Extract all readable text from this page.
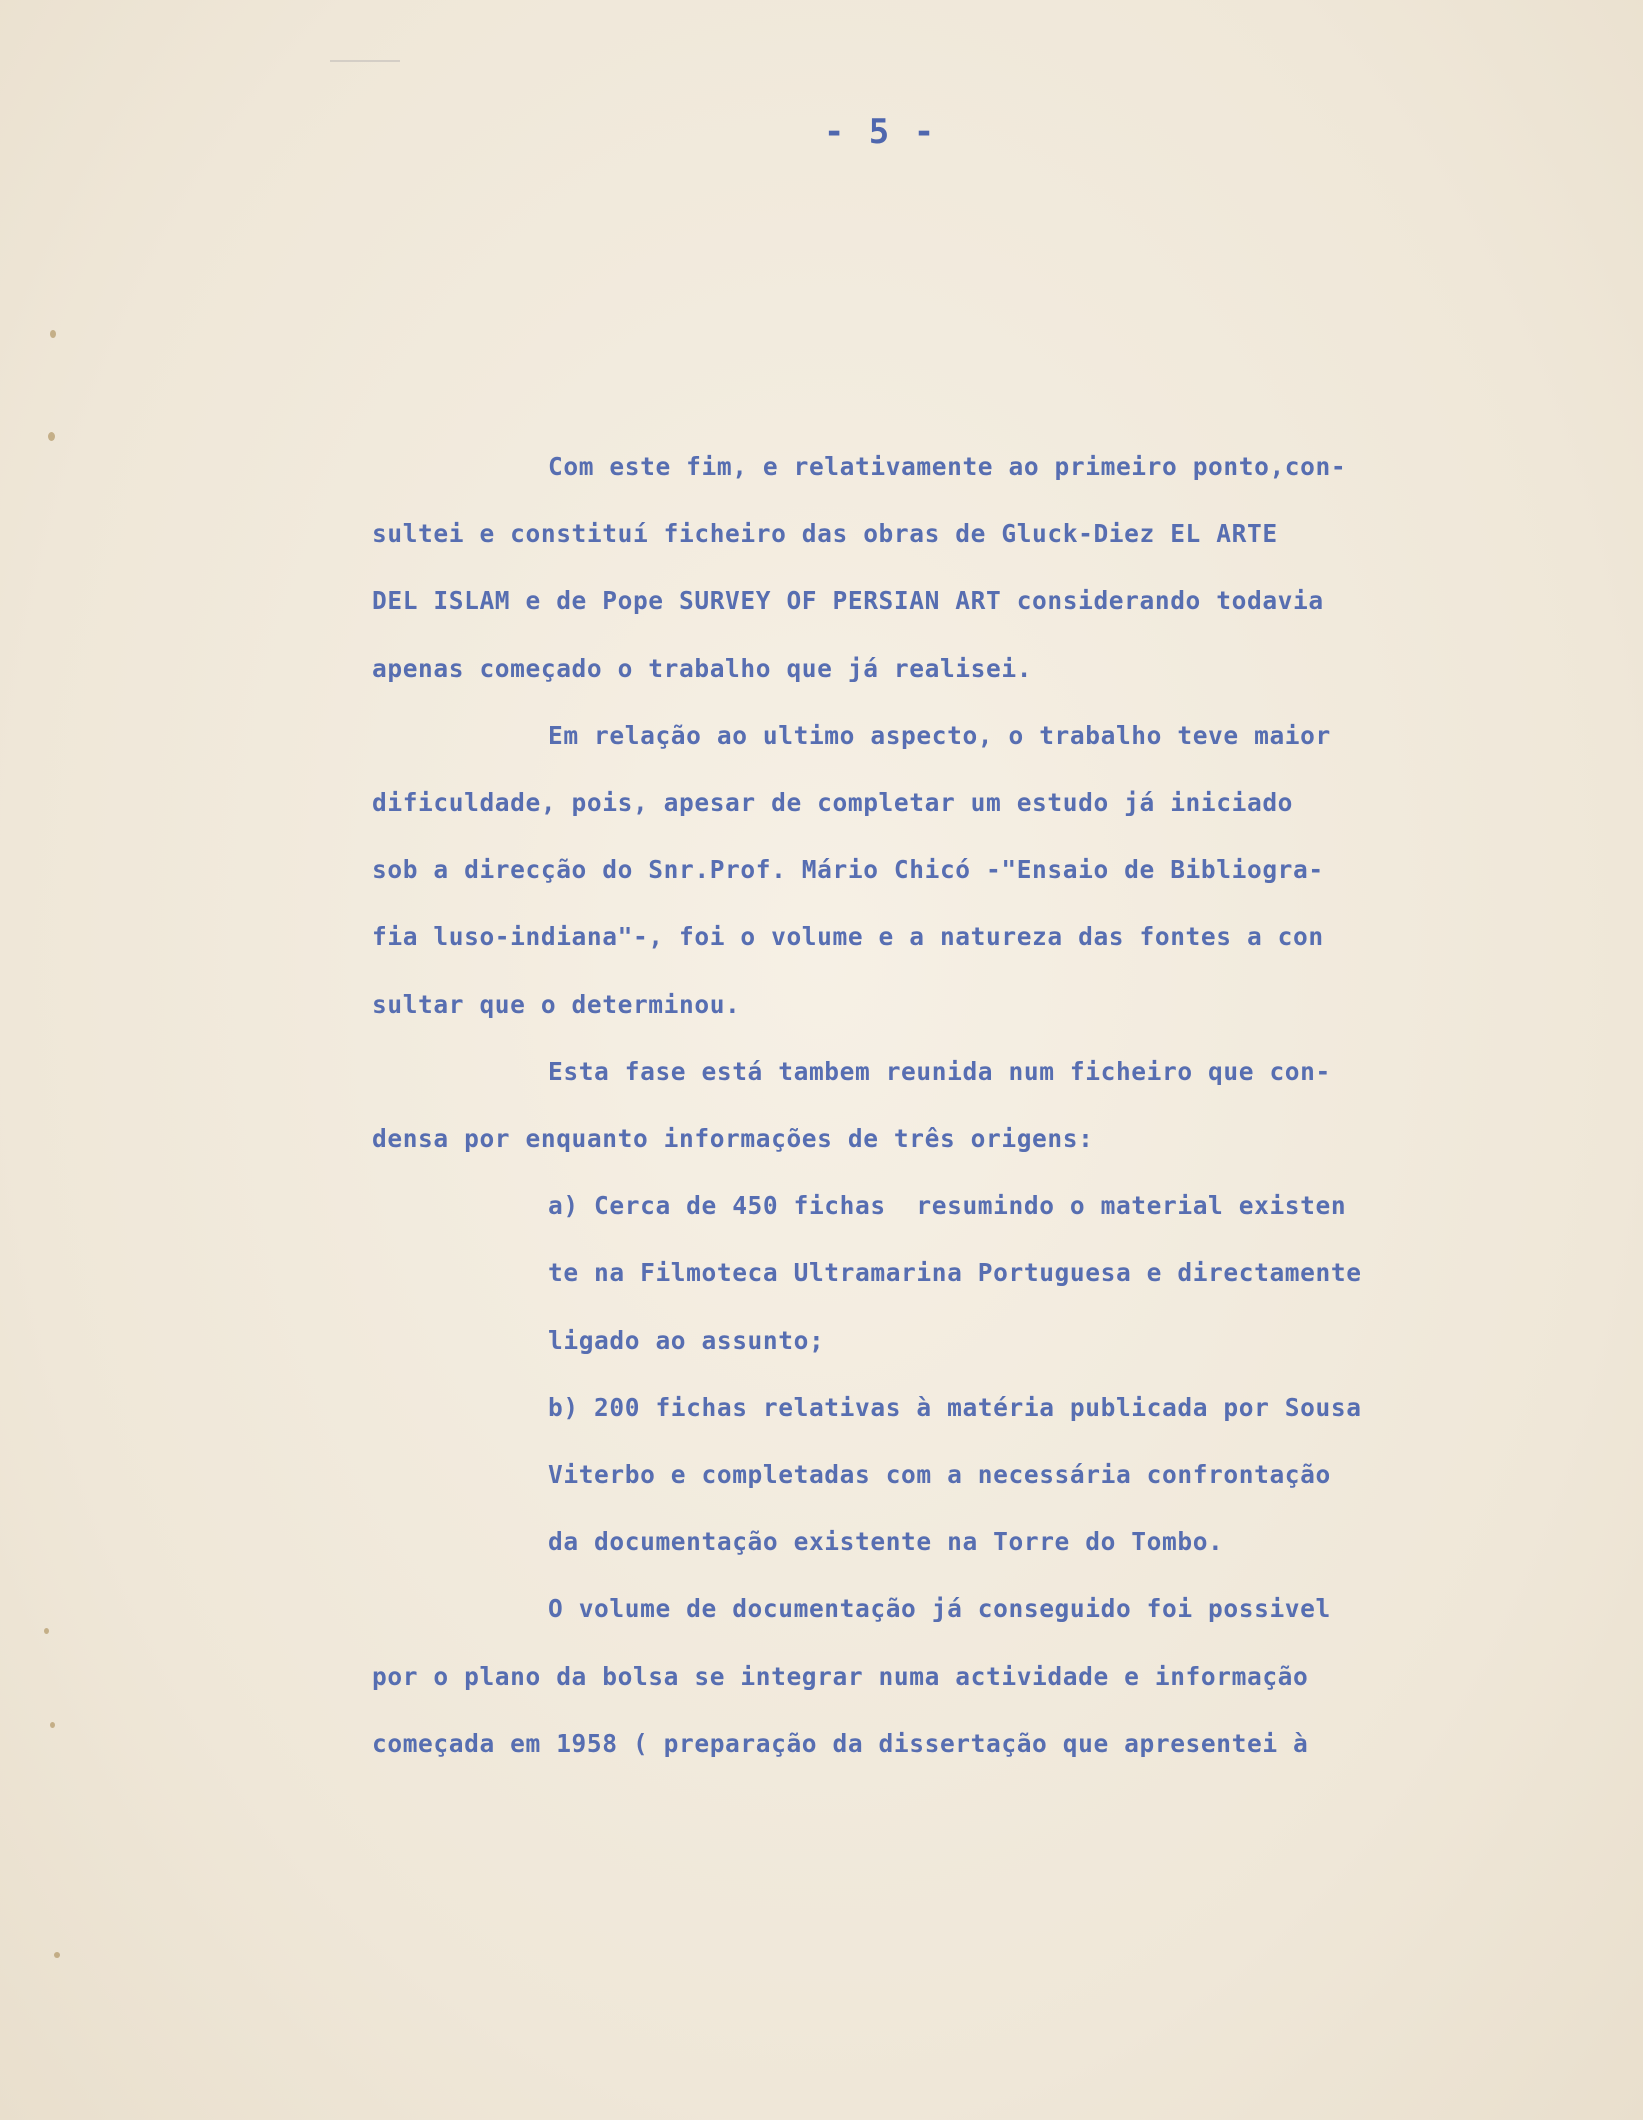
- 5 -
Com este fim, e relativamente ao primeiro ponto,con-
sultei e constituí ficheiro das obras de Gluck-Diez EL ARTE
DEL ISLAM e de Pope SURVEY OF PERSIAN ART considerando todavia
apenas começado o trabalho que já realisei.
Em relação ao ultimo aspecto, o trabalho teve maior
dificuldade, pois, apesar de completar um estudo já iniciado
sob a direcção do Snr.Prof. Mário Chicó -"Ensaio de Bibliogra-
fia luso-indiana"-, foi o volume e a natureza das fontes a con
sultar que o determinou.
Esta fase está tambem reunida num ficheiro que con-
densa por enquanto informações de três origens:
a) Cerca de 450 fichas  resumindo o material existen
te na Filmoteca Ultramarina Portuguesa e directamente
ligado ao assunto;
b) 200 fichas relativas à matéria publicada por Sousa
Viterbo e completadas com a necessária confrontação
da documentação existente na Torre do Tombo.
O volume de documentação já conseguido foi possivel
por o plano da bolsa se integrar numa actividade e informação
começada em 1958 ( preparação da dissertação que apresentei à
